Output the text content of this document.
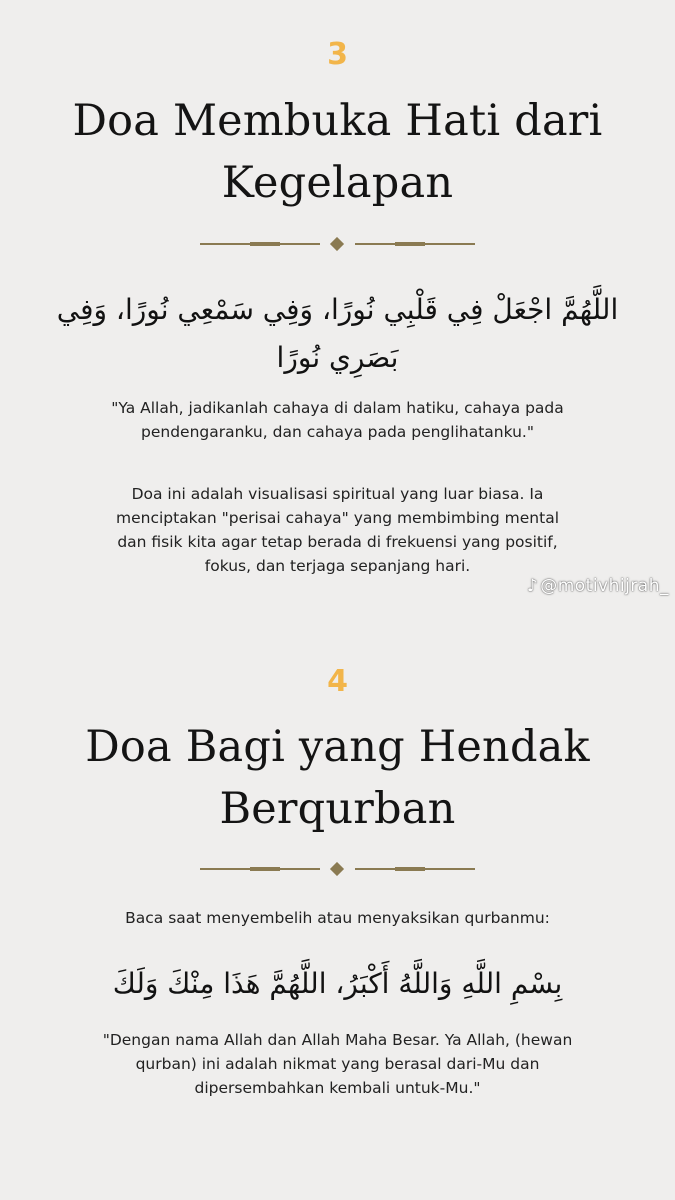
3
Doa Membuka Hati dari
Kegelapan
اللَّهُمَّ اجْعَلْ فِي قَلْبِي نُورًا، وَفِي سَمْعِي نُورًا، وَفِي
بَصَرِي نُورًا
"Ya Allah, jadikanlah cahaya di dalam hatiku, cahaya pada
pendengaranku, dan cahaya pada penglihatanku."
Doa ini adalah visualisasi spiritual yang luar biasa. Ia
menciptakan "perisai cahaya" yang membimbing mental
dan fisik kita agar tetap berada di frekuensi yang positif,
fokus, dan terjaga sepanjang hari.
♪ @motivhijrah_
4
Doa Bagi yang Hendak
Berqurban
Baca saat menyembelih atau menyaksikan qurbanmu:
بِسْمِ اللَّهِ وَاللَّهُ أَكْبَرُ، اللَّهُمَّ هَذَا مِنْكَ وَلَكَ
"Dengan nama Allah dan Allah Maha Besar. Ya Allah, (hewan
qurban) ini adalah nikmat yang berasal dari-Mu dan
dipersembahkan kembali untuk-Mu."
